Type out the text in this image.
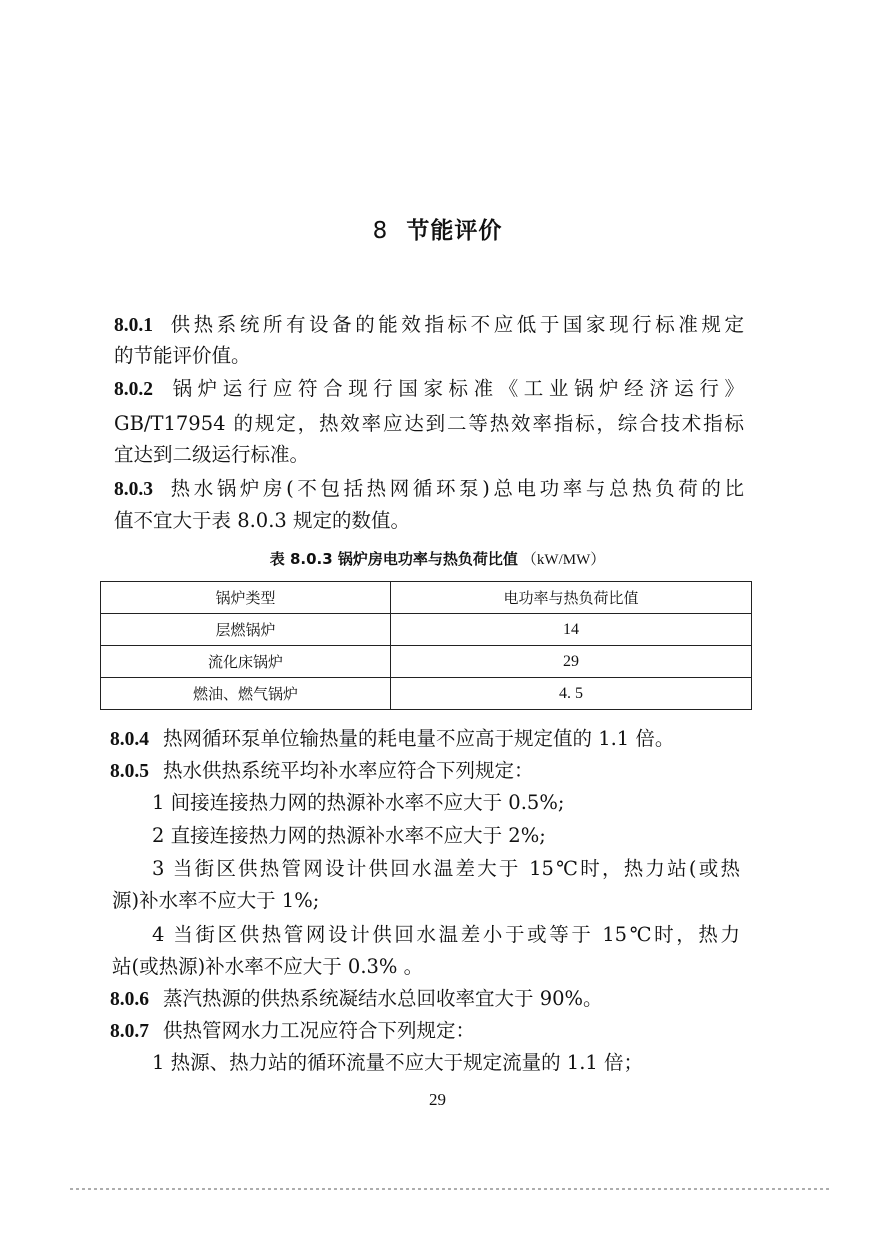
8 节能评价
8.0.1 供热系统所有设备的能效指标不应低于国家现行标准规定
的节能评价值。
8.0.2 锅炉运行应符合现行国家标准《工业锅炉经济运行》
GB/T17954 的规定，热效率应达到二等热效率指标，综合技术指标
宜达到二级运行标准。
8.0.3 热水锅炉房(不包括热网循环泵)总电功率与总热负荷的比
值不宜大于表 8.0.3 规定的数值。
表 8.0.3 锅炉房电功率与热负荷比值 （kW/MW）
锅炉类型	电功率与热负荷比值
层燃锅炉	14
流化床锅炉	29
燃油、燃气锅炉	4. 5
8.0.4 热网循环泵单位输热量的耗电量不应高于规定值的 1.1 倍。
8.0.5 热水供热系统平均补水率应符合下列规定：
1 间接连接热力网的热源补水率不应大于 0.5%;
2 直接连接热力网的热源补水率不应大于 2%;
3 当街区供热管网设计供回水温差大于 15℃时，热力站(或热
源)补水率不应大于 1%;
4 当街区供热管网设计供回水温差小于或等于 15℃时，热力
站(或热源)补水率不应大于 0.3% 。
8.0.6 蒸汽热源的供热系统凝结水总回收率宜大于 90%。
8.0.7 供热管网水力工况应符合下列规定：
1 热源、热力站的循环流量不应大于规定流量的 1.1 倍；
29
